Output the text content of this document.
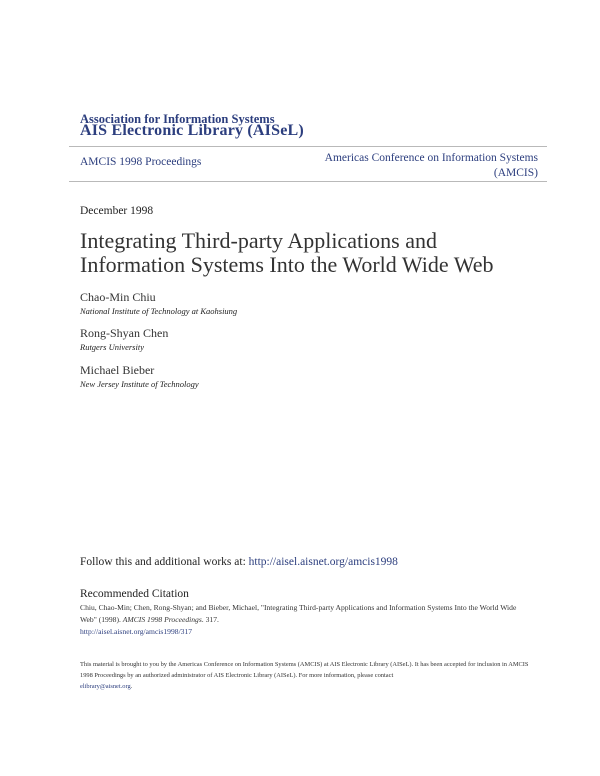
Association for Information Systems
AIS Electronic Library (AISeL)
AMCIS 1998 Proceedings	Americas Conference on Information Systems
(AMCIS)
December 1998
Integrating Third-party Applications and
Information Systems Into the World Wide Web
Chao-Min Chiu
National Institute of Technology at Kaohsiung
Rong-Shyan Chen
Rutgers University
Michael Bieber
New Jersey Institute of Technology
Follow this and additional works at: http://aisel.aisnet.org/amcis1998
Recommended Citation
Chiu, Chao-Min; Chen, Rong-Shyan; and Bieber, Michael, "Integrating Third-party Applications and Information Systems Into the World Wide Web" (1998). AMCIS 1998 Proceedings. 317.
http://aisel.aisnet.org/amcis1998/317
This material is brought to you by the Americas Conference on Information Systems (AMCIS) at AIS Electronic Library (AISeL). It has been accepted for inclusion in AMCIS 1998 Proceedings by an authorized administrator of AIS Electronic Library (AISeL). For more information, please contact
elibrary@aisnet.org.
